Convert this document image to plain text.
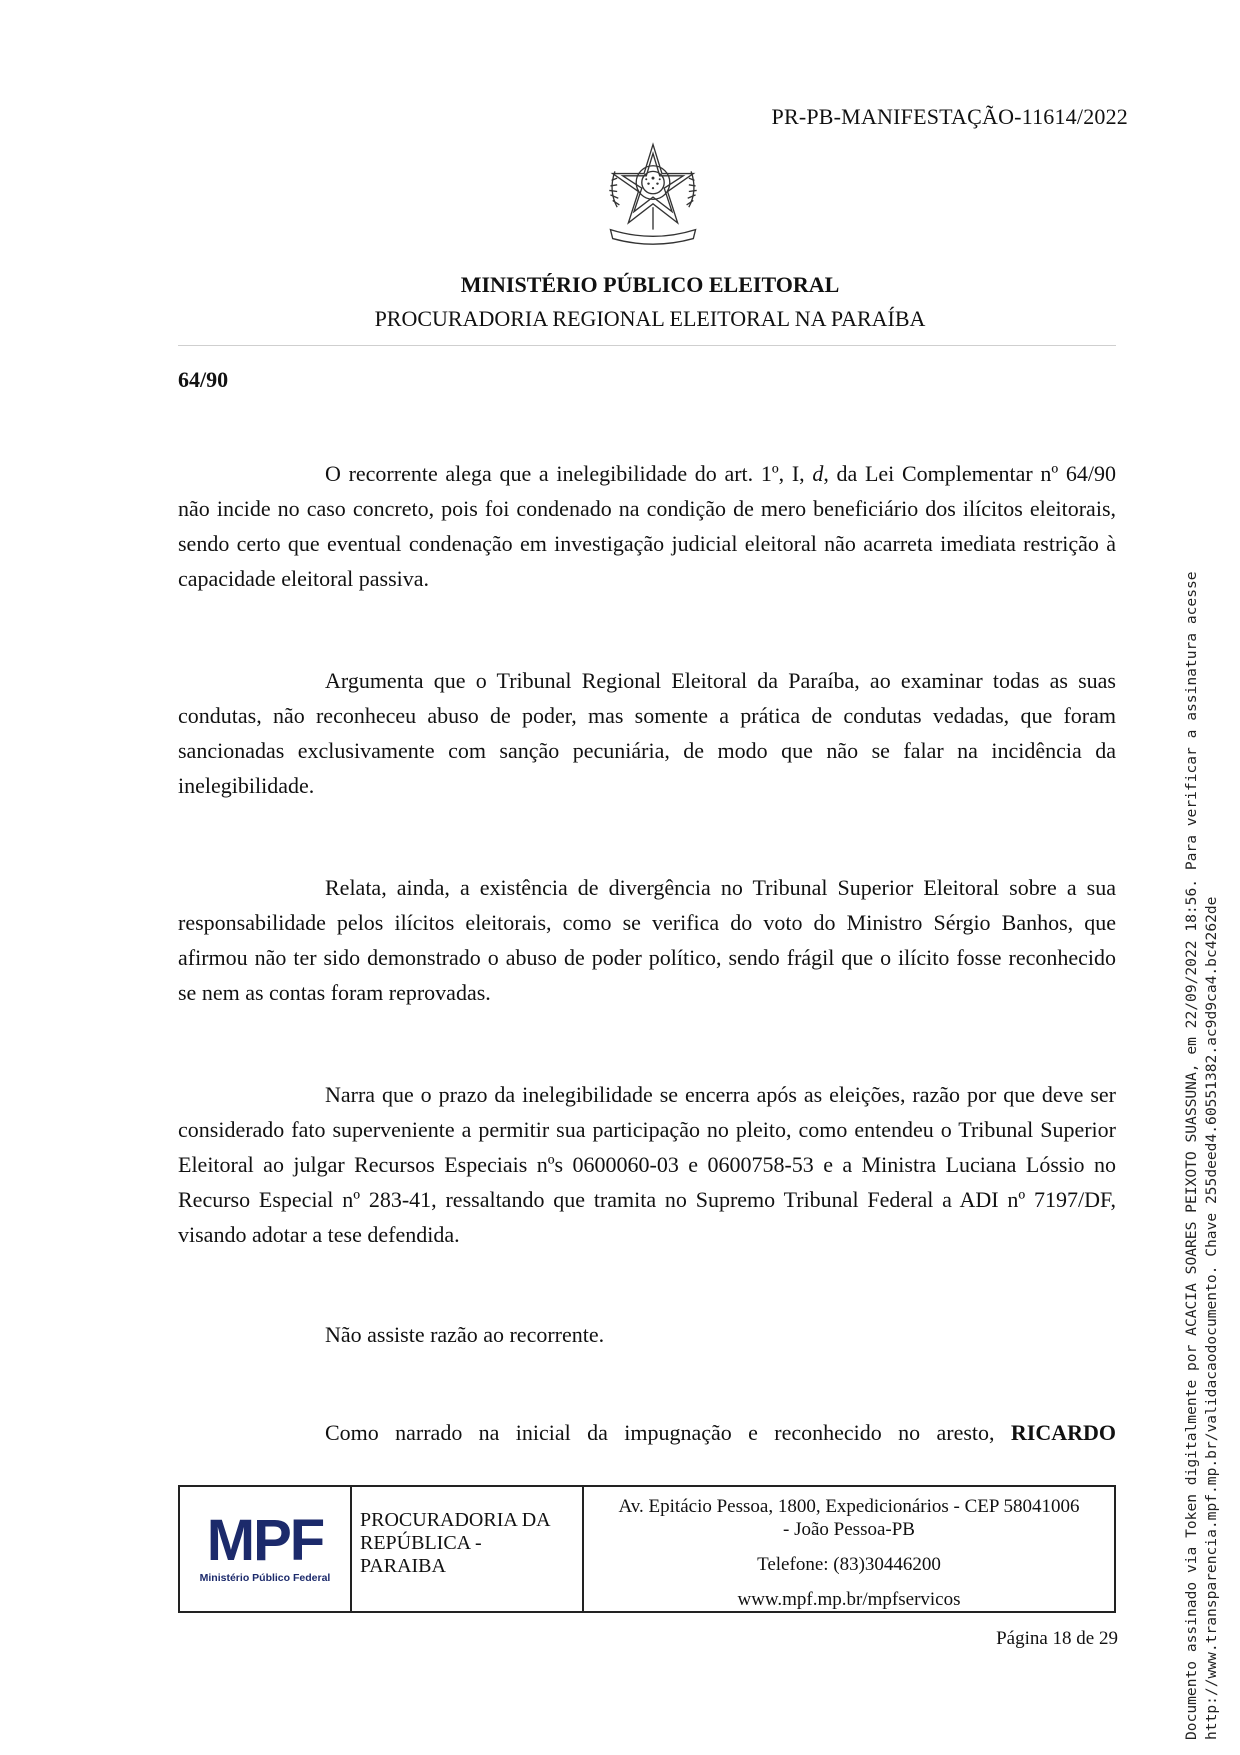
PR-PB-MANIFESTAÇÃO-11614/2022
MINISTÉRIO PÚBLICO ELEITORAL
PROCURADORIA REGIONAL ELEITORAL NA PARAÍBA
64/90

O recorrente alega que a inelegibilidade do art. 1º, I, d, da Lei Complementar nº 64/90 não incide no caso concreto, pois foi condenado na condição de mero beneficiário dos ilícitos eleitorais, sendo certo que eventual condenação em investigação judicial eleitoral não acarreta imediata restrição à capacidade eleitoral passiva.

Argumenta que o Tribunal Regional Eleitoral da Paraíba, ao examinar todas as suas condutas, não reconheceu abuso de poder, mas somente a prática de condutas vedadas, que foram sancionadas exclusivamente com sanção pecuniária, de modo que não se falar na incidência da inelegibilidade.

Relata, ainda, a existência de divergência no Tribunal Superior Eleitoral sobre a sua responsabilidade pelos ilícitos eleitorais, como se verifica do voto do Ministro Sérgio Banhos, que afirmou não ter sido demonstrado o abuso de poder político, sendo frágil que o ilícito fosse reconhecido se nem as contas foram reprovadas.

Narra que o prazo da inelegibilidade se encerra após as eleições, razão por que deve ser considerado fato superveniente a permitir sua participação no pleito, como entendeu o Tribunal Superior Eleitoral ao julgar Recursos Especiais nºs 0600060-03 e 0600758-53 e a Ministra Luciana Lóssio no Recurso Especial nº 283-41, ressaltando que tramita no Supremo Tribunal Federal a ADI nº 7197/DF, visando adotar a tese defendida.

Não assiste razão ao recorrente.

Como narrado na inicial da impugnação e reconhecido no aresto, RICARDO

MPF
Ministério Público Federal
PROCURADORIA DA
REPÚBLICA -
PARAIBA
Av. Epitácio Pessoa, 1800, Expedicionários - CEP 58041006
- João Pessoa-PB
Telefone: (83)30446200
www.mpf.mp.br/mpfservicos
Página 18 de 29	Documento assinado via Token digitalmente por ACACIA SOARES PEIXOTO SUASSUNA, em 22/09/2022 18:56. Para verificar a assinatura acesse http://www.transparencia.mpf.mp.br/validacaodocumento. Chave 255deed4.60551382.ac9d9ca4.bc4262de
